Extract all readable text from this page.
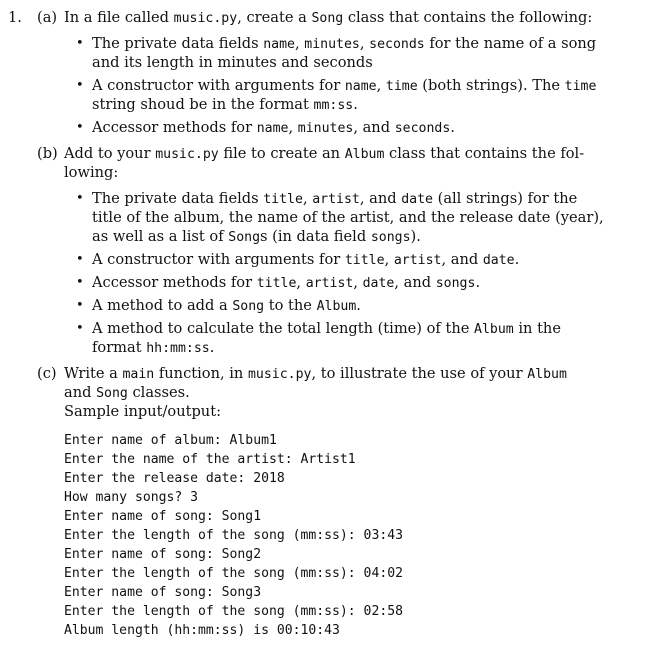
1. (a) In a file called music.py, create a Song class that contains the following:
• The private data fields name, minutes, seconds for the name of a song
and its length in minutes and seconds
• A constructor with arguments for name, time (both strings). The time
string shoud be in the format mm:ss.
• Accessor methods for name, minutes, and seconds.
(b) Add to your music.py file to create an Album class that contains the fol-
lowing:
• The private data fields title, artist, and date (all strings) for the
title of the album, the name of the artist, and the release date (year),
as well as a list of Songs (in data field songs).
• A constructor with arguments for title, artist, and date.
• Accessor methods for title, artist, date, and songs.
• A method to add a Song to the Album.
• A method to calculate the total length (time) of the Album in the
format hh:mm:ss.
(c) Write a main function, in music.py, to illustrate the use of your Album
and Song classes.
Sample input/output:
Enter name of album: Album1
Enter the name of the artist: Artist1
Enter the release date: 2018
How many songs? 3
Enter name of song: Song1
Enter the length of the song (mm:ss): 03:43
Enter name of song: Song2
Enter the length of the song (mm:ss): 04:02
Enter name of song: Song3
Enter the length of the song (mm:ss): 02:58
Album length (hh:mm:ss) is 00:10:43
